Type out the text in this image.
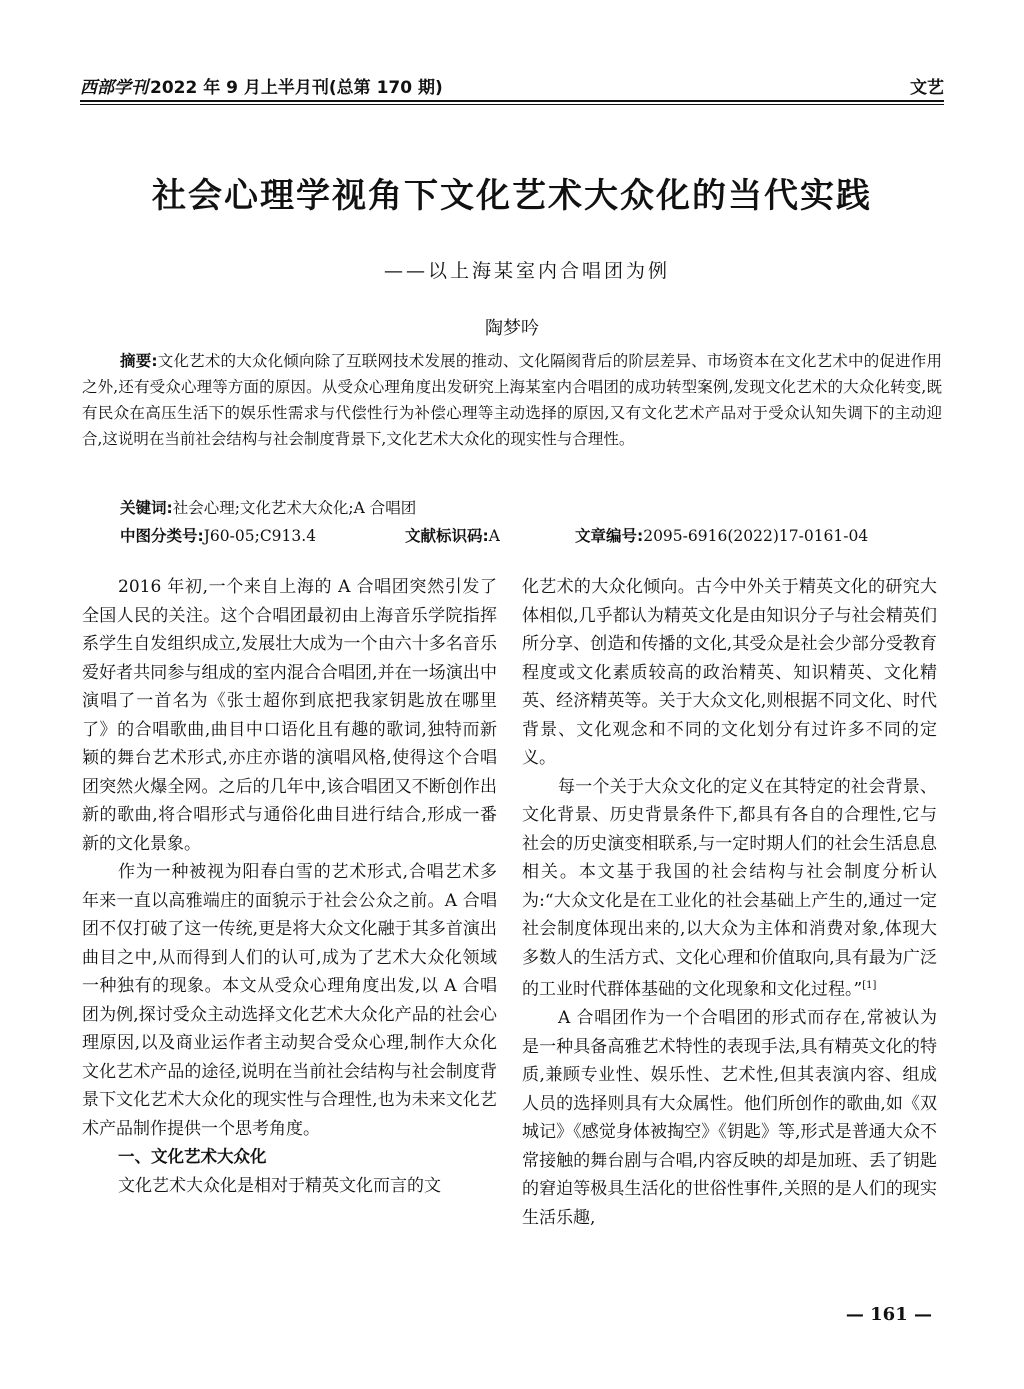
西部学刊 2022 年 9 月上半月刊(总第 170 期)	文艺
社会心理学视角下文化艺术大众化的当代实践
——以上海某室内合唱团为例
陶梦吟
摘要:文化艺术的大众化倾向除了互联网技术发展的推动、文化隔阂背后的阶层差异、市场资本在文化艺术中的促进作用之外,还有受众心理等方面的原因。从受众心理角度出发研究上海某室内合唱团的成功转型案例,发现文化艺术的大众化转变,既有民众在高压生活下的娱乐性需求与代偿性行为补偿心理等主动选择的原因,又有文化艺术产品对于受众认知失调下的主动迎合,这说明在当前社会结构与社会制度背景下,文化艺术大众化的现实性与合理性。
关键词:社会心理;文化艺术大众化;A 合唱团
中图分类号:J60-05;C913.4	文献标识码:A	文章编号:2095-6916(2022)17-0161-04

2016 年初,一个来自上海的 A 合唱团突然引发了全国人民的关注。这个合唱团最初由上海音乐学院指挥系学生自发组织成立,发展壮大成为一个由六十多名音乐爱好者共同参与组成的室内混合合唱团,并在一场演出中演唱了一首名为《张士超你到底把我家钥匙放在哪里了》的合唱歌曲,曲目中口语化且有趣的歌词,独特而新颖的舞台艺术形式,亦庄亦谐的演唱风格,使得这个合唱团突然火爆全网。之后的几年中,该合唱团又不断创作出新的歌曲,将合唱形式与通俗化曲目进行结合,形成一番新的文化景象。

作为一种被视为阳春白雪的艺术形式,合唱艺术多年来一直以高雅端庄的面貌示于社会公众之前。A 合唱团不仅打破了这一传统,更是将大众文化融于其多首演出曲目之中,从而得到人们的认可,成为了艺术大众化领域一种独有的现象。本文从受众心理角度出发,以 A 合唱团为例,探讨受众主动选择文化艺术大众化产品的社会心理原因,以及商业运作者主动契合受众心理,制作大众化文化艺术产品的途径,说明在当前社会结构与社会制度背景下文化艺术大众化的现实性与合理性,也为未来文化艺术产品制作提供一个思考角度。

一、文化艺术大众化

文化艺术大众化是相对于精英文化而言的文

化艺术的大众化倾向。古今中外关于精英文化的研究大体相似,几乎都认为精英文化是由知识分子与社会精英们所分享、创造和传播的文化,其受众是社会少部分受教育程度或文化素质较高的政治精英、知识精英、文化精英、经济精英等。关于大众文化,则根据不同文化、时代背景、文化观念和不同的文化划分有过许多不同的定义。

每一个关于大众文化的定义在其特定的社会背景、文化背景、历史背景条件下,都具有各自的合理性,它与社会的历史演变相联系,与一定时期人们的社会生活息息相关。本文基于我国的社会结构与社会制度分析认为:“大众文化是在工业化的社会基础上产生的,通过一定社会制度体现出来的,以大众为主体和消费对象,体现大多数人的生活方式、文化心理和价值取向,具有最为广泛的工业时代群体基础的文化现象和文化过程。”[1]

A 合唱团作为一个合唱团的形式而存在,常被认为是一种具备高雅艺术特性的表现手法,具有精英文化的特质,兼顾专业性、娱乐性、艺术性,但其表演内容、组成人员的选择则具有大众属性。他们所创作的歌曲,如《双城记》《感觉身体被掏空》《钥匙》等,形式是普通大众不常接触的舞台剧与合唱,内容反映的却是加班、丢了钥匙的窘迫等极具生活化的世俗性事件,关照的是人们的现实生活乐趣,

— 161 —
